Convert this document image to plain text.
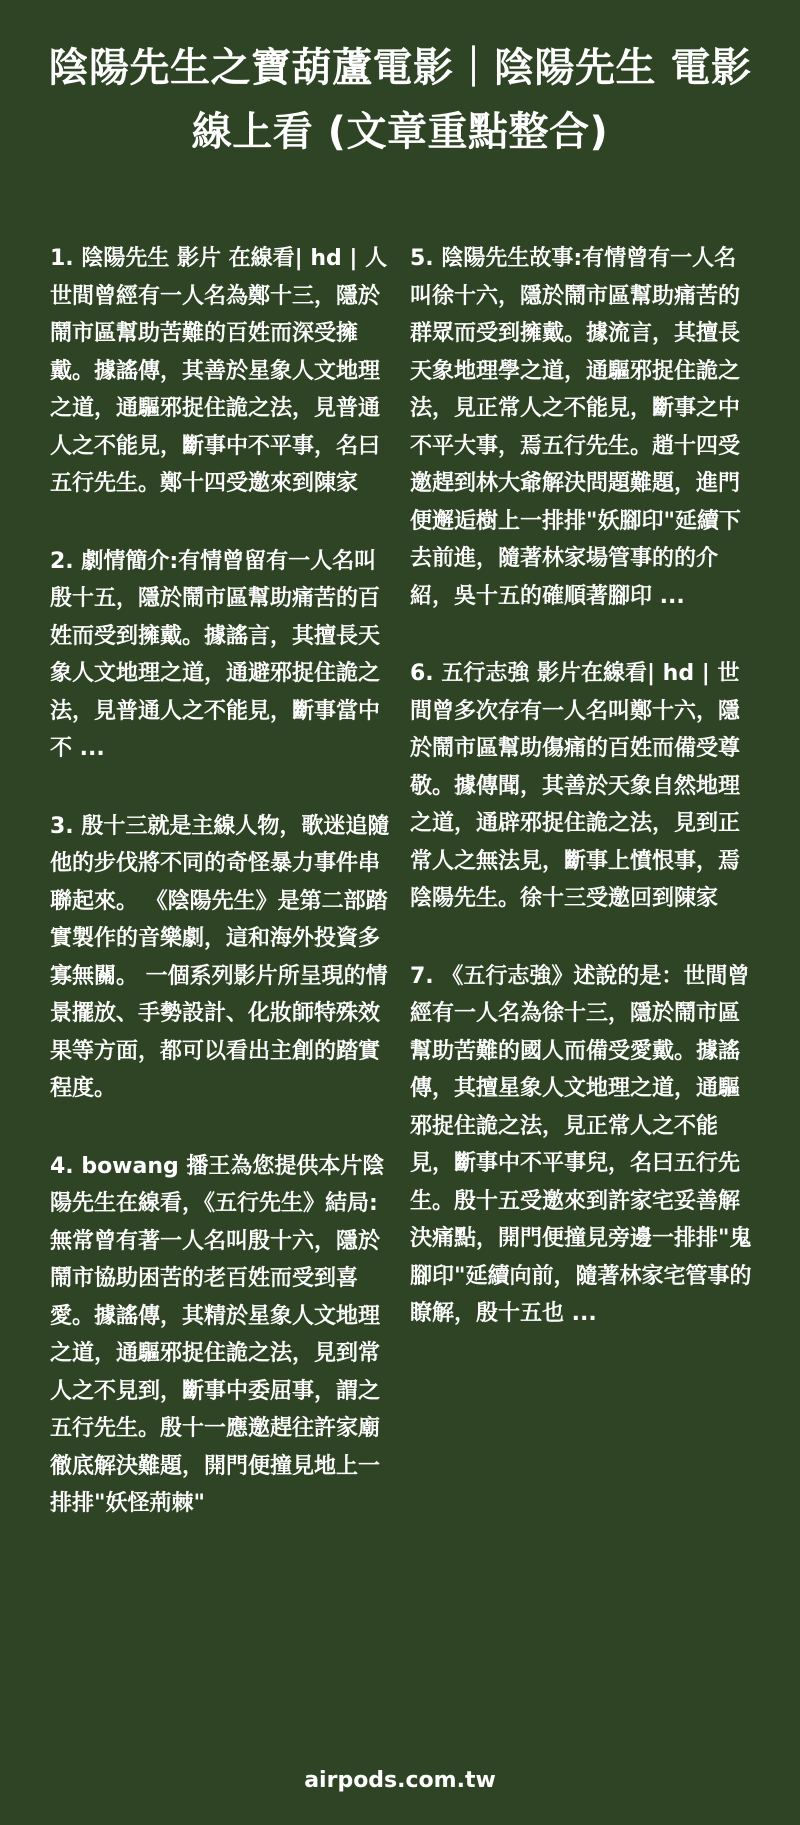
陰陽先生之寶葫蘆電影｜陰陽先生 電影線上看 (文章重點整合)

1. 陰陽先生 影片 在線看| hd | 人世間曾經有一人名為鄭十三，隱於鬧市區幫助苦難的百姓而深受擁戴。據謠傳，其善於星象人文地理之道，通驅邪捉住詭之法，見普通人之不能見，斷事中不平事，名曰五行先生。鄭十四受邀來到陳家

2. 劇情簡介:有情曾留有一人名叫殷十五，隱於鬧市區幫助痛苦的百姓而受到擁戴。據謠言，其擅長天象人文地理之道，通避邪捉住詭之法，見普通人之不能見，斷事當中不 ...

3. 殷十三就是主線人物，歌迷追隨他的步伐將不同的奇怪暴力事件串聯起來。 《陰陽先生》是第二部踏實製作的音樂劇，這和海外投資多寡無關。 一個系列影片所呈現的情景擺放、手勢設計、化妝師特殊效果等方面，都可以看出主創的踏實程度。

4. bowang 播王為您提供本片陰陽先生在線看，《五行先生》結局:無常曾有著一人名叫殷十六，隱於鬧市協助困苦的老百姓而受到喜愛。據謠傳，其精於星象人文地理之道，通驅邪捉住詭之法，見到常人之不見到，斷事中委屈事，謂之五行先生。殷十一應邀趕往許家廟徹底解決難題，開門便撞見地上一排排"妖怪荊棘"

5. 陰陽先生故事:有情曾有一人名叫徐十六，隱於鬧市區幫助痛苦的群眾而受到擁戴。據流言，其擅長天象地理學之道，通驅邪捉住詭之法，見正常人之不能見，斷事之中不平大事，焉五行先生。趙十四受邀趕到林大爺解決問題難題，進門便邂逅樹上一排排"妖腳印"延續下去前進，隨著林家場管事的的介紹，吳十五的確順著腳印 ...

6. 五行志強 影片在線看| hd | 世間曾多次存有一人名叫鄭十六，隱於鬧市區幫助傷痛的百姓而備受尊敬。據傳聞，其善於天象自然地理之道，通辟邪捉住詭之法，見到正常人之無法見，斷事上憤恨事，焉陰陽先生。徐十三受邀回到陳家

7. 《五行志強》述說的是：世間曾經有一人名為徐十三，隱於鬧市區幫助苦難的國人而備受愛戴。據謠傳，其擅星象人文地理之道，通驅邪捉住詭之法，見正常人之不能見，斷事中不平事兒，名曰五行先生。殷十五受邀來到許家宅妥善解決痛點，開門便撞見旁邊一排排"鬼腳印"延續向前，隨著林家宅管事的瞭解，殷十五也 ...

airpods.com.tw
